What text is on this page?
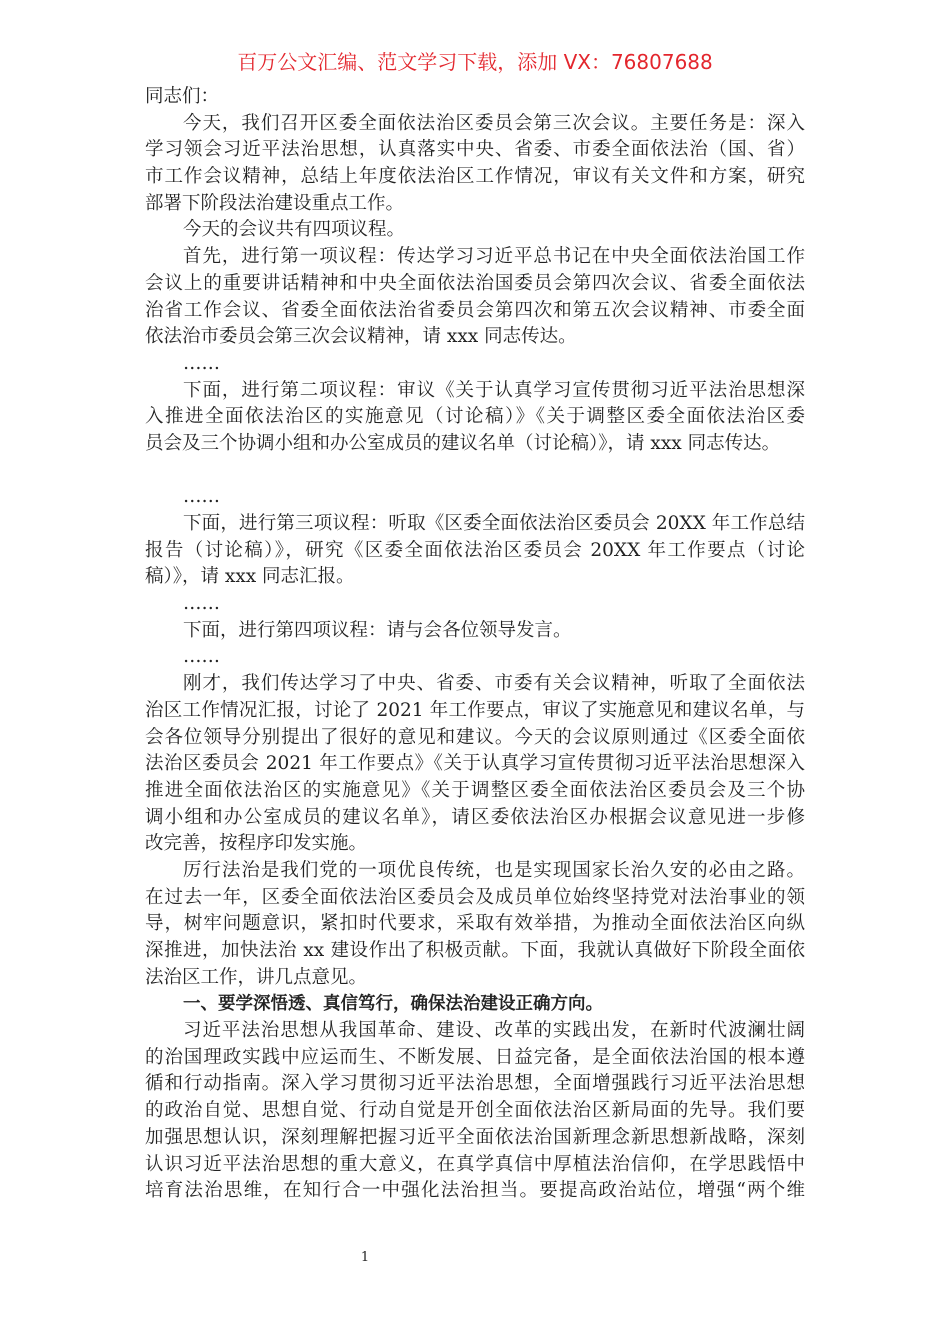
百万公文汇编、范文学习下载，添加 VX：76807688
同志们：
今天，我们召开区委全面依法治区委员会第三次会议。主要任务是：深入
学习领会习近平法治思想，认真落实中央、省委、市委全面依法治（国、省）
市工作会议精神，总结上年度依法治区工作情况，审议有关文件和方案，研究
部署下阶段法治建设重点工作。
今天的会议共有四项议程。
首先，进行第一项议程：传达学习习近平总书记在中央全面依法治国工作
会议上的重要讲话精神和中央全面依法治国委员会第四次会议、省委全面依法
治省工作会议、省委全面依法治省委员会第四次和第五次会议精神、市委全面
依法治市委员会第三次会议精神，请 xxx 同志传达。
……
下面，进行第二项议程：审议《关于认真学习宣传贯彻习近平法治思想深
入推进全面依法治区的实施意见（讨论稿）》《关于调整区委全面依法治区委
员会及三个协调小组和办公室成员的建议名单（讨论稿）》，请 xxx 同志传达。
……
下面，进行第三项议程：听取《区委全面依法治区委员会 20XX 年工作总结
报告（讨论稿）》，研究《区委全面依法治区委员会 20XX 年工作要点（讨论
稿）》，请 xxx 同志汇报。
……
下面，进行第四项议程：请与会各位领导发言。
……
刚才，我们传达学习了中央、省委、市委有关会议精神，听取了全面依法
治区工作情况汇报，讨论了 2021 年工作要点，审议了实施意见和建议名单，与
会各位领导分别提出了很好的意见和建议。今天的会议原则通过《区委全面依
法治区委员会 2021 年工作要点》《关于认真学习宣传贯彻习近平法治思想深入
推进全面依法治区的实施意见》《关于调整区委全面依法治区委员会及三个协
调小组和办公室成员的建议名单》，请区委依法治区办根据会议意见进一步修
改完善，按程序印发实施。
厉行法治是我们党的一项优良传统，也是实现国家长治久安的必由之路。
在过去一年，区委全面依法治区委员会及成员单位始终坚持党对法治事业的领
导，树牢问题意识，紧扣时代要求，采取有效举措，为推动全面依法治区向纵
深推进，加快法治 xx 建设作出了积极贡献。下面，我就认真做好下阶段全面依
法治区工作，讲几点意见。
一、要学深悟透、真信笃行，确保法治建设正确方向。
习近平法治思想从我国革命、建设、改革的实践出发，在新时代波澜壮阔
的治国理政实践中应运而生、不断发展、日益完备，是全面依法治国的根本遵
循和行动指南。深入学习贯彻习近平法治思想，全面增强践行习近平法治思想
的政治自觉、思想自觉、行动自觉是开创全面依法治区新局面的先导。我们要
加强思想认识，深刻理解把握习近平全面依法治国新理念新思想新战略，深刻
认识习近平法治思想的重大意义，在真学真信中厚植法治信仰，在学思践悟中
培育法治思维，在知行合一中强化法治担当。要提高政治站位，增强“两个维
1
